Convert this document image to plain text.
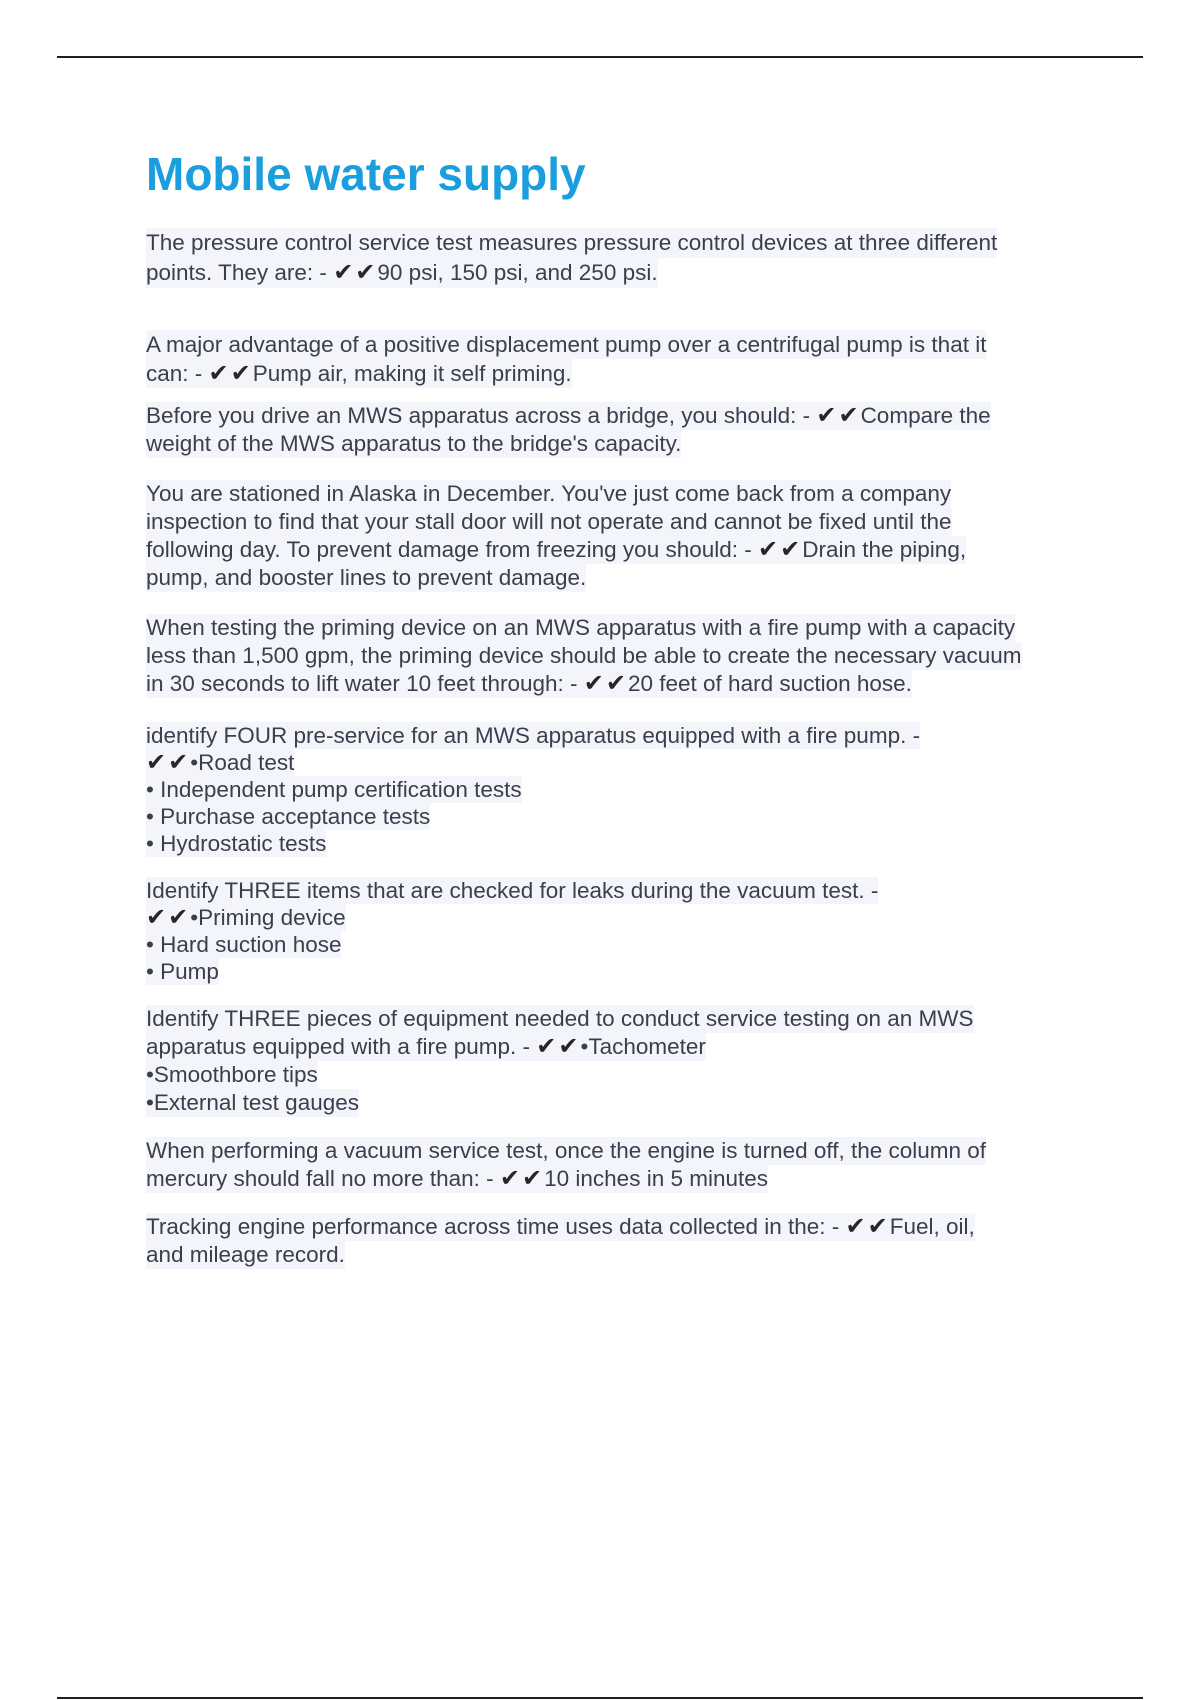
Mobile water supply
The pressure control service test measures pressure control devices at three different
points. They are: - ✔✔90 psi, 150 psi, and 250 psi.
A major advantage of a positive displacement pump over a centrifugal pump is that it
can: - ✔✔Pump air, making it self priming.
Before you drive an MWS apparatus across a bridge, you should: - ✔✔Compare the
weight of the MWS apparatus to the bridge's capacity.
You are stationed in Alaska in December. You've just come back from a company
inspection to find that your stall door will not operate and cannot be fixed until the
following day. To prevent damage from freezing you should: - ✔✔Drain the piping,
pump, and booster lines to prevent damage.
When testing the priming device on an MWS apparatus with a fire pump with a capacity
less than 1,500 gpm, the priming device should be able to create the necessary vacuum
in 30 seconds to lift water 10 feet through: - ✔✔20 feet of hard suction hose.
identify FOUR pre-service for an MWS apparatus equipped with a fire pump. -
✔✔•Road test
• Independent pump certification tests
• Purchase acceptance tests
• Hydrostatic tests
Identify THREE items that are checked for leaks during the vacuum test. -
✔✔•Priming device
• Hard suction hose
• Pump
Identify THREE pieces of equipment needed to conduct service testing on an MWS
apparatus equipped with a fire pump. - ✔✔•Tachometer
•Smoothbore tips
•External test gauges
When performing a vacuum service test, once the engine is turned off, the column of
mercury should fall no more than: - ✔✔10 inches in 5 minutes
Tracking engine performance across time uses data collected in the: - ✔✔Fuel, oil,
and mileage record.
